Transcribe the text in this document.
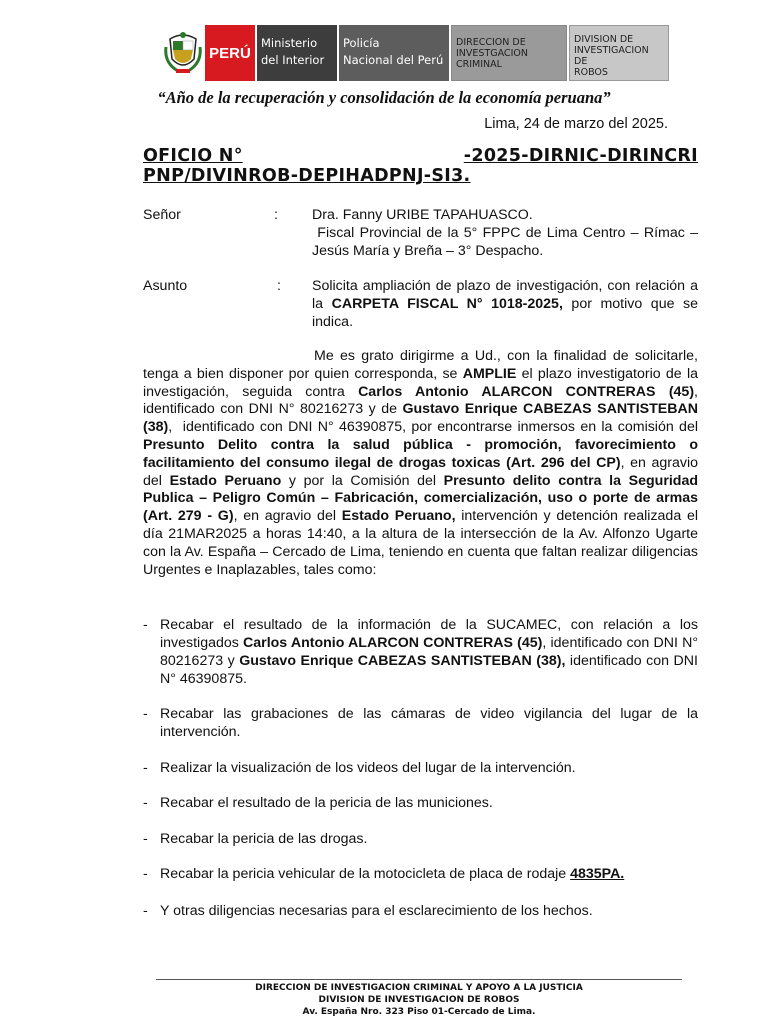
PERÚ
Ministerio
del Interior
Policía
Nacional del Perú
DIRECCION DE
INVESTGACION
CRIMINAL
DIVISION DE
INVESTIGACION DE
ROBOS
“Año de la recuperación y consolidación de la economía peruana”
Lima, 24 de marzo del 2025.
OFICIO N°	-2025-DIRNIC-DIRINCRI
PNP/DIVINROB-DEPIHADPNJ-SI3.
Señor	: Dra. Fanny URIBE TAPAHUASCO.
Fiscal Provincial de la 5° FPPC de Lima Centro – Rímac – Jesús María y Breña – 3° Despacho.
Asunto	: Solicita ampliación de plazo de investigación, con relación a la CARPETA FISCAL N° 1018-2025, por motivo que se indica.
Me es grato dirigirme a Ud., con la finalidad de solicitarle, tenga a bien disponer por quien corresponda, se AMPLIE el plazo investigatorio de la investigación, seguida contra Carlos Antonio ALARCON CONTRERAS (45), identificado con DNI N° 80216273 y de Gustavo Enrique CABEZAS SANTISTEBAN (38),  identificado con DNI N° 46390875, por encontrarse inmersos en la comisión del Presunto Delito contra la salud pública - promoción, favorecimiento o facilitamiento del consumo ilegal de drogas toxicas (Art. 296 del CP), en agravio del Estado Peruano y por la Comisión del Presunto delito contra la Seguridad Publica – Peligro Común – Fabricación, comercialización, uso o porte de armas (Art. 279 - G), en agravio del Estado Peruano, intervención y detención realizada el día 21MAR2025 a horas 14:40, a la altura de la intersección de la Av. Alfonzo Ugarte con la Av. España – Cercado de Lima, teniendo en cuenta que faltan realizar diligencias Urgentes e Inaplazables, tales como:
- Recabar el resultado de la información de la SUCAMEC, con relación a los investigados Carlos Antonio ALARCON CONTRERAS (45), identificado con DNI N° 80216273 y Gustavo Enrique CABEZAS SANTISTEBAN (38), identificado con DNI N° 46390875.
- Recabar las grabaciones de las cámaras de video vigilancia del lugar de la intervención.
- Realizar la visualización de los videos del lugar de la intervención.
- Recabar el resultado de la pericia de las municiones.
- Recabar la pericia de las drogas.
- Recabar la pericia vehicular de la motocicleta de placa de rodaje 4835PA.
- Y otras diligencias necesarias para el esclarecimiento de los hechos.
DIRECCION DE INVESTIGACION CRIMINAL Y APOYO A LA JUSTICIA
DIVISION DE INVESTIGACION DE ROBOS
Av. España Nro. 323 Piso 01-Cercado de Lima.
